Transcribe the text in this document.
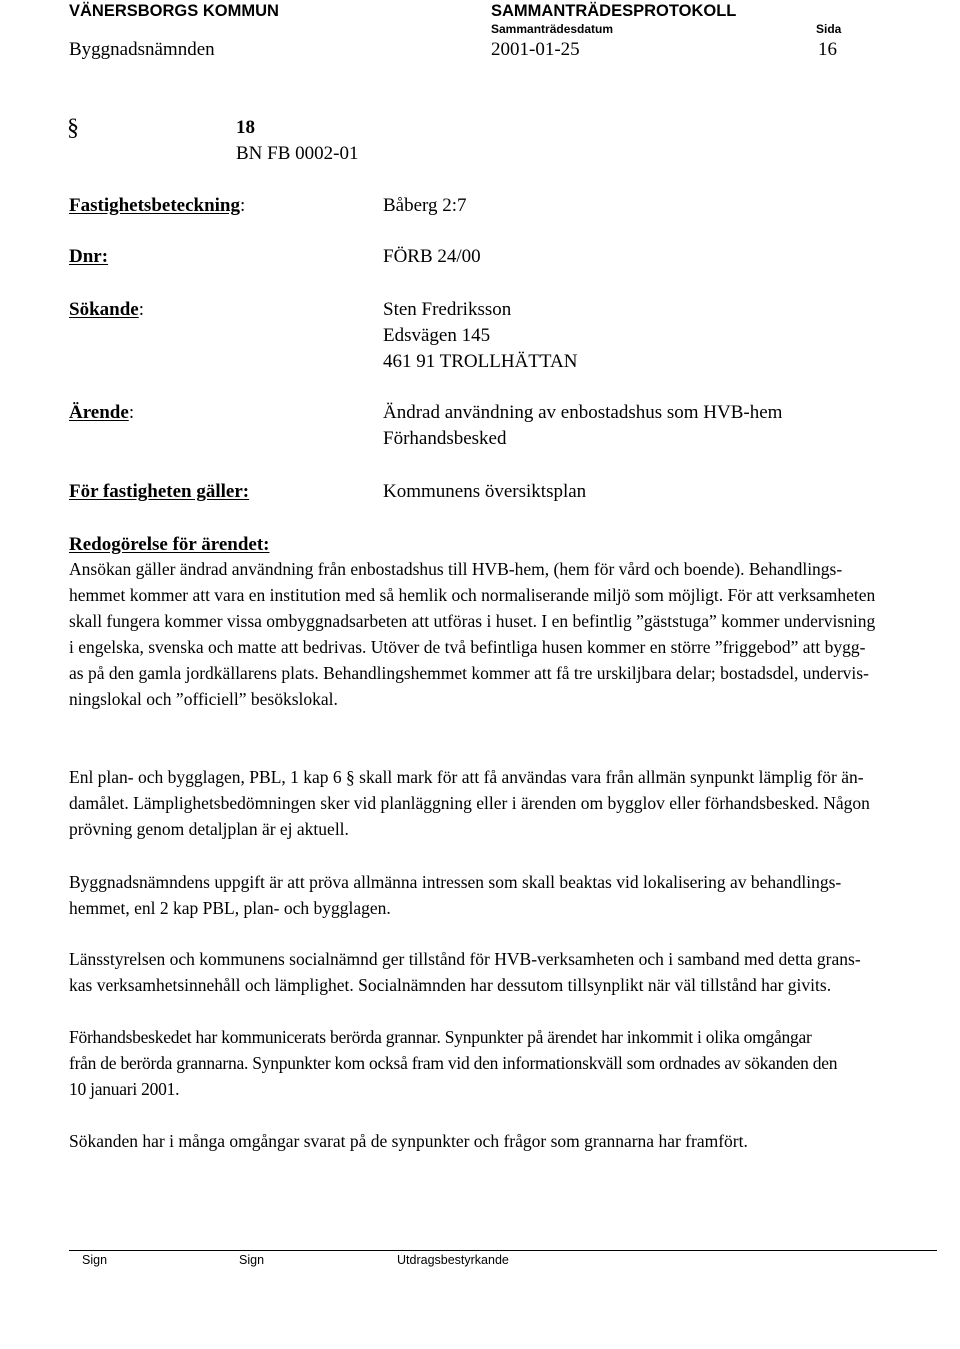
VÄNERSBORGS KOMMUN	SAMMANTRÄDESPROTOKOLL
Sammanträdesdatum	Sida
Byggnadsnämnden	2001-01-25	16
§	18
BN FB 0002-01
Fastighetsbeteckning:	Båberg 2:7
Dnr:	FÖRB 24/00
Sökande:	Sten Fredriksson
Edsvägen 145
461 91 TROLLHÄTTAN
Ärende:	Ändrad användning av enbostadshus som HVB-hem
Förhandsbesked
För fastigheten gäller:	Kommunens översiktsplan
Redogörelse för ärendet:

Ansökan gäller ändrad användning från enbostadshus till HVB-hem, (hem för vård och boende). Behandlings-

hemmet kommer att vara en institution med så hemlik och normaliserande miljö som möjligt. För att verksamheten

skall fungera kommer vissa ombyggnadsarbeten att utföras i huset. I en befintlig ”gäststuga” kommer undervisning

i engelska, svenska och matte att bedrivas. Utöver de två befintliga husen kommer en större ”friggebod” att bygg-

as på den gamla jordkällarens plats. Behandlingshemmet kommer att få tre urskiljbara delar; bostadsdel, undervis-

ningslokal och ”officiell” besökslokal.

Enl plan- och bygglagen, PBL, 1 kap 6 § skall mark för att få användas vara från allmän synpunkt lämplig för än-

damålet. Lämplighetsbedömningen sker vid planläggning eller i ärenden om bygglov eller förhandsbesked. Någon

prövning genom detaljplan är ej aktuell.

Byggnadsnämndens uppgift är att pröva allmänna intressen som skall beaktas vid lokalisering av behandlings-

hemmet, enl 2 kap PBL, plan- och bygglagen.

Länsstyrelsen och kommunens socialnämnd ger tillstånd för HVB-verksamheten och i samband med detta grans-

kas verksamhetsinnehåll och lämplighet. Socialnämnden har dessutom tillsynplikt när väl tillstånd har givits.

Förhandsbeskedet har kommunicerats berörda grannar. Synpunkter på ärendet har inkommit i olika omgångar

från de berörda grannarna. Synpunkter kom också fram vid den informationskväll som ordnades av sökanden den

10 januari 2001.

Sökanden har i många omgångar svarat på de synpunkter och frågor som grannarna har framfört.

Sign	Sign	Utdragsbestyrkande
